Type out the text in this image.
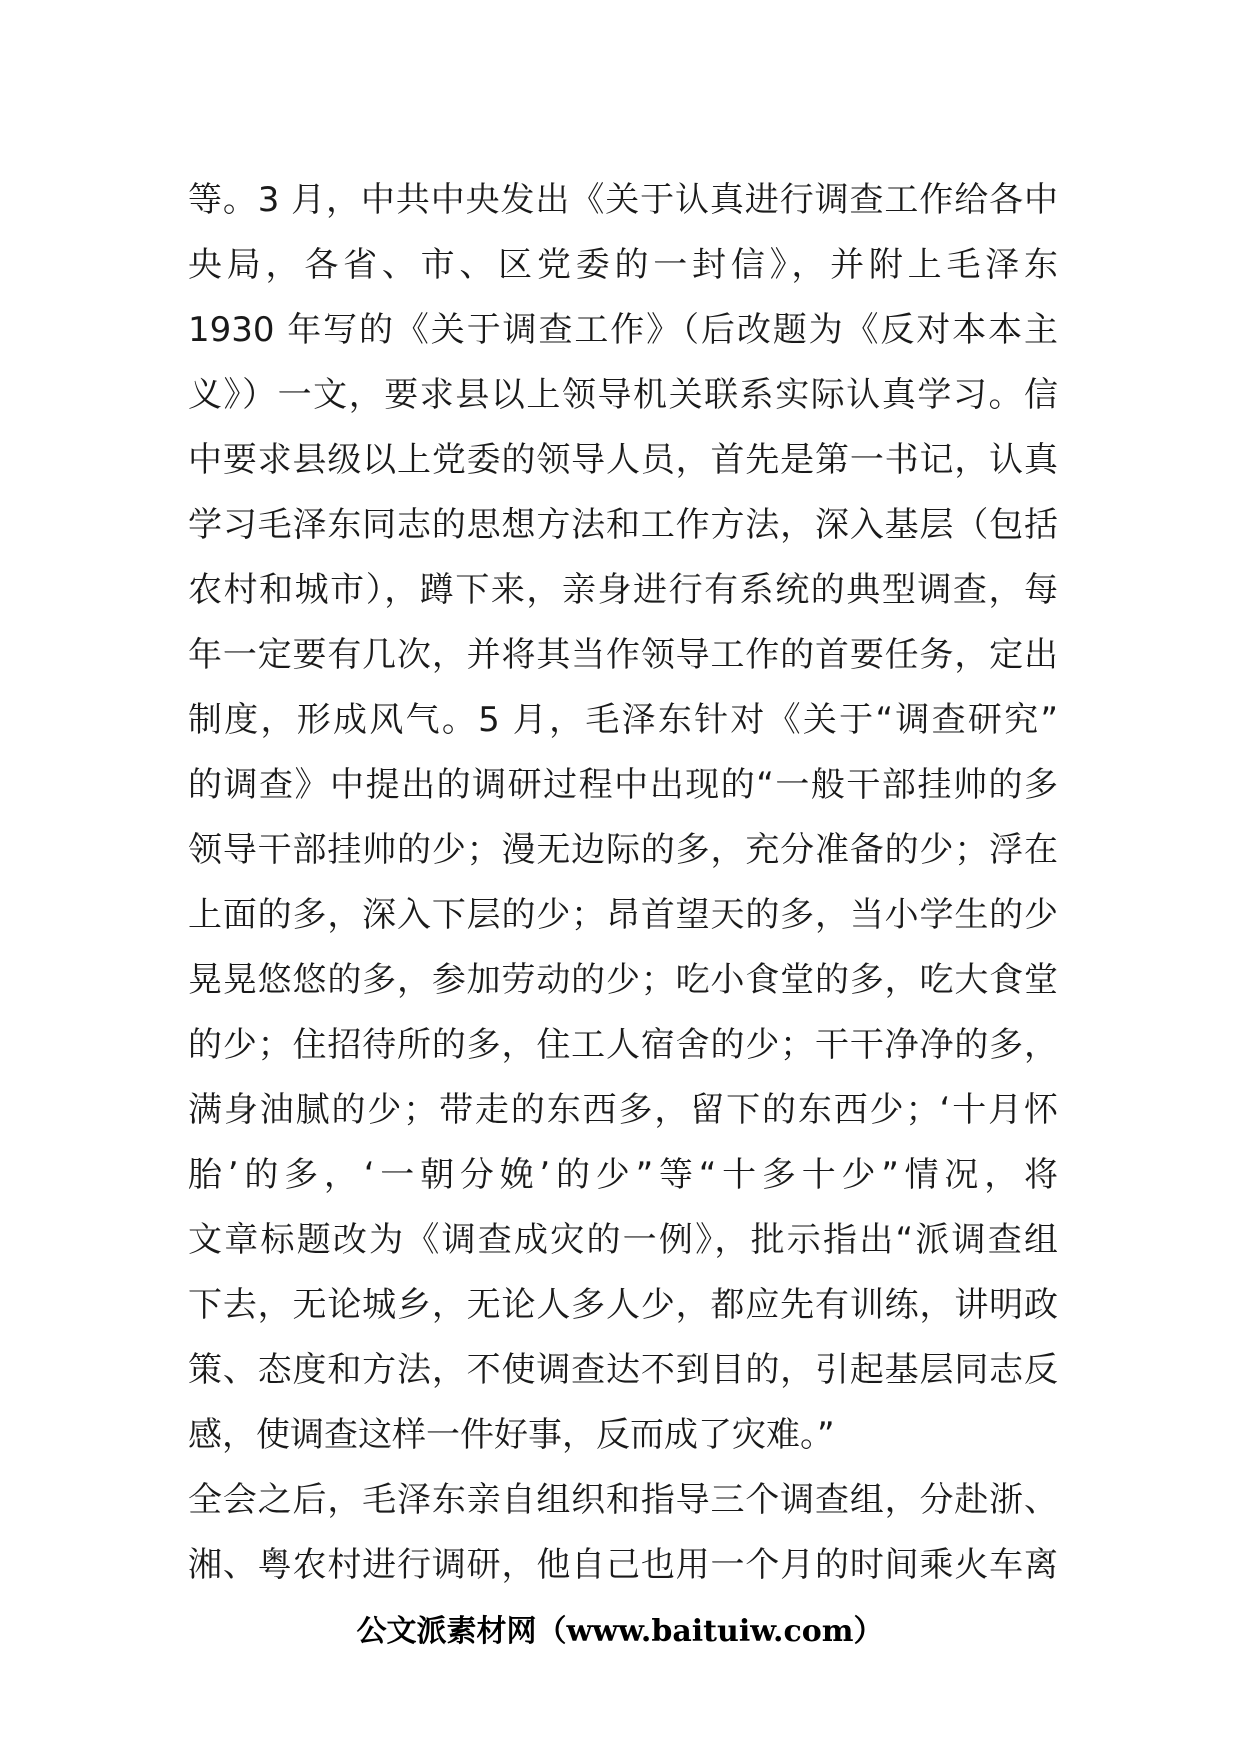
等。3 月，中共中央发出《关于认真进行调查工作给各中
央局，各省、市、区党委的一封信》，并附上毛泽东
1930 年写的《关于调查工作》（后改题为《反对本本主
义》）一文，要求县以上领导机关联系实际认真学习。信
中要求县级以上党委的领导人员，首先是第一书记，认真
学习毛泽东同志的思想方法和工作方法，深入基层（包括
农村和城市），蹲下来，亲身进行有系统的典型调查，每
年一定要有几次，并将其当作领导工作的首要任务，定出
制度，形成风气。5 月，毛泽东针对《关于“调查研究”
的调查》中提出的调研过程中出现的“一般干部挂帅的多
领导干部挂帅的少；漫无边际的多，充分准备的少；浮在
上面的多，深入下层的少；昂首望天的多，当小学生的少
晃晃悠悠的多，参加劳动的少；吃小食堂的多，吃大食堂
的少；住招待所的多，住工人宿舍的少；干干净净的多，
满身油腻的少；带走的东西多，留下的东西少；‘十月怀
胎’的多，‘一朝分娩’的少”等“十多十少”情况，将
文章标题改为《调查成灾的一例》，批示指出“派调查组
下去，无论城乡，无论人多人少，都应先有训练，讲明政
策、态度和方法，不使调查达不到目的，引起基层同志反
感，使调查这样一件好事，反而成了灾难。”
全会之后，毛泽东亲自组织和指导三个调查组，分赴浙、
湘、粤农村进行调研，他自己也用一个月的时间乘火车离
公文派素材网（www.baituiw.com）
